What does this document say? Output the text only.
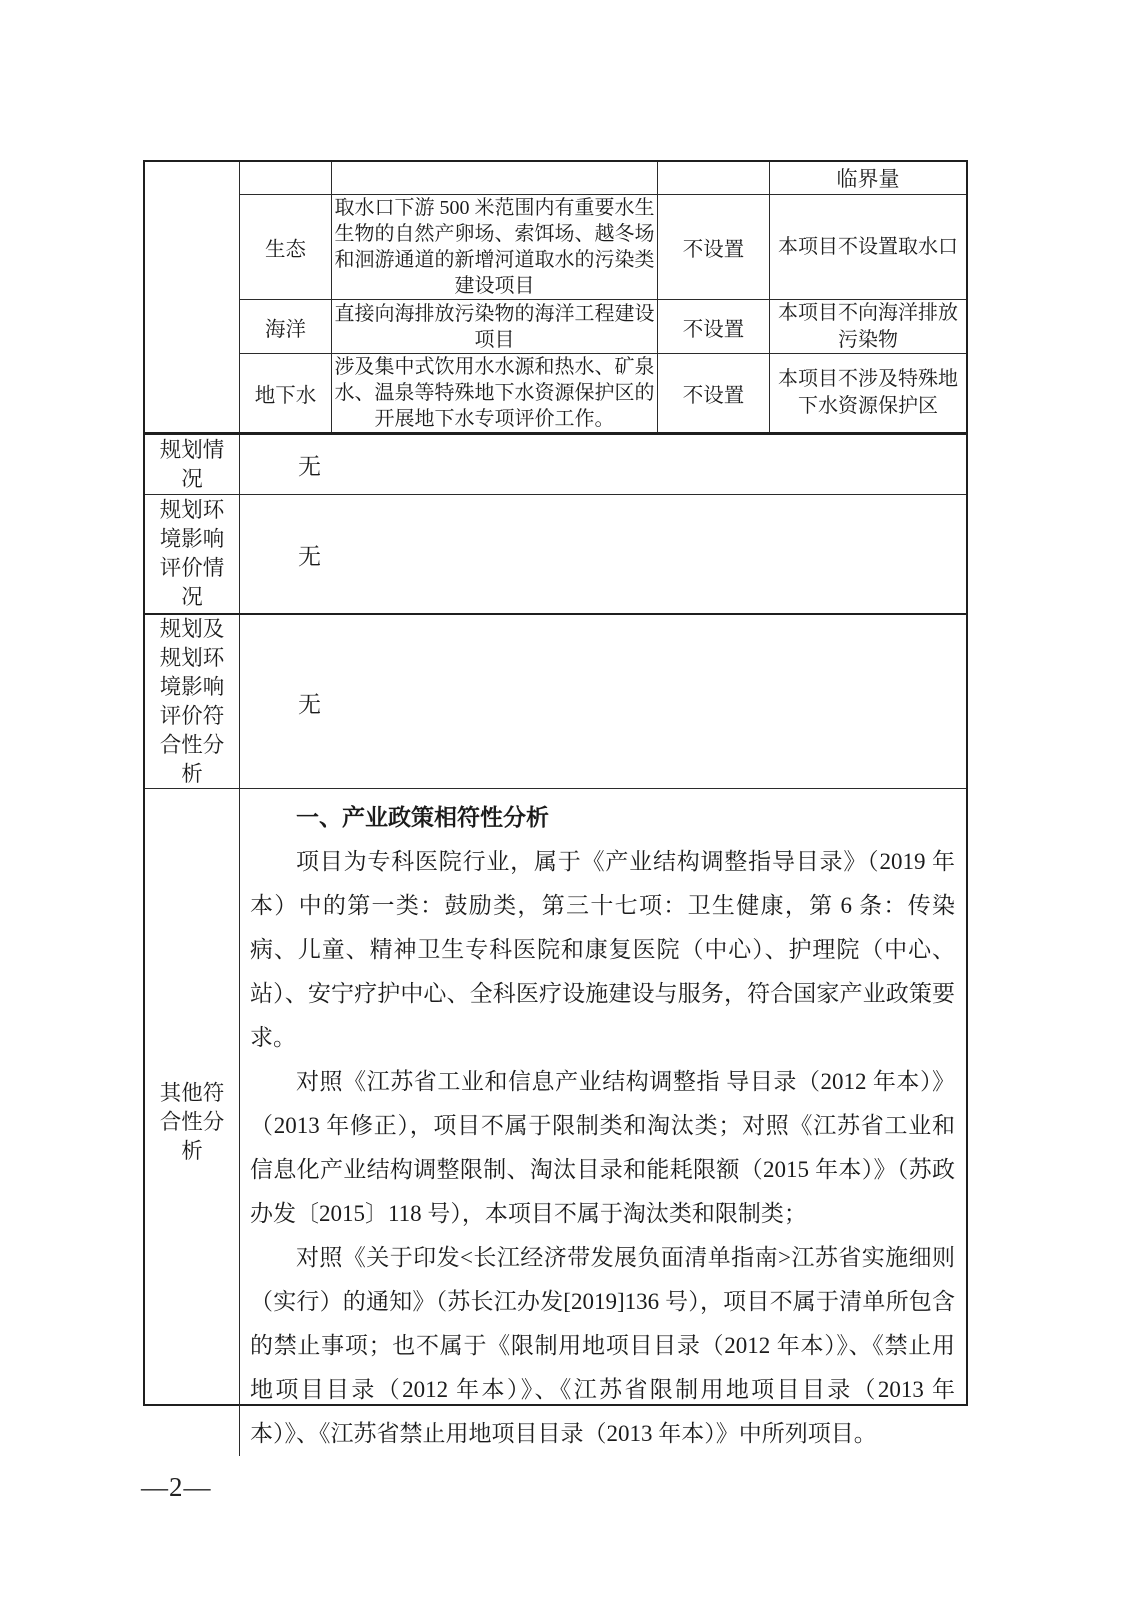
临界量
生态
取水口下游 500 米范围内有重要水生生物的自然产卵场、索饵场、越冬场和洄游通道的新增河道取水的污染类建设项目
不设置 本项目不设置取水口
海洋
直接向海排放污染物的海洋工程建设项目	不设置
本项目不向海洋排放污染物
地下水
涉及集中式饮用水水源和热水、矿泉水、温泉等特殊地下水资源保护区的开展地下水专项评价工作。
不设置
本项目不涉及特殊地下水资源保护区
规划情况	无
规划环境影响评价情况
无
规划及规划环境影响评价符合性分析
无
其他符合性分析
一、产业政策相符性分析

项目为专科医院行业，属于《产业结构调整指导目录》（2019 年本）中的第一类：鼓励类，第三十七项：卫生健康，第 6 条：传染病、儿童、精神卫生专科医院和康复医院（中心）、护理院（中心、站）、安宁疗护中心、全科医疗设施建设与服务，符合国家产业政策要求。

对照《江苏省工业和信息产业结构调整指 导目录（2012 年本）》（2013 年修正），项目不属于限制类和淘汰类；对照《江苏省工业和信息化产业结构调整限制、淘汰目录和能耗限额（2015 年本）》（苏政办发〔2015〕118 号），本项目不属于淘汰类和限制类；

对照《关于印发<长江经济带发展负面清单指南>江苏省实施细则（实行）的通知》（苏长江办发[2019]136 号），项目不属于清单所包含的禁止事项；也不属于《限制用地项目目录（2012 年本）》、《禁止用地项目目录（2012 年本）》、《江苏省限制用地项目目录（2013 年本）》、《江苏省禁止用地项目目录（2013 年本）》中所列项目。

—2—
